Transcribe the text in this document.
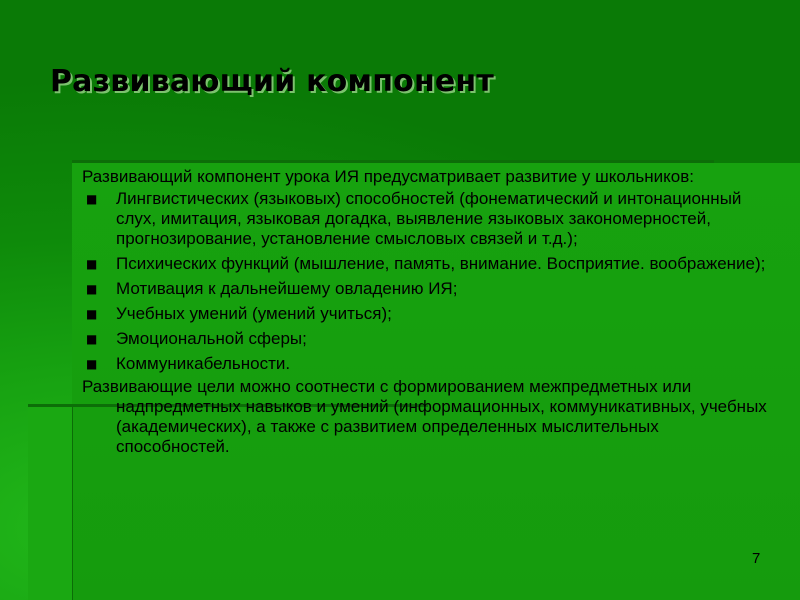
Развивающий компонент

Развивающий компонент урока ИЯ предусматривает развитие у школьников:

■ Лингвистических (языковых) способностей (фонематический и интонационный слух, имитация, языковая догадка, выявление языковых закономерностей, прогнозирование, установление смысловых связей и т.д.);
■ Психических функций (мышление, память, внимание. Восприятие. воображение);
■ Мотивация к дальнейшему овладению ИЯ;
■ Учебных умений (умений учиться);
■ Эмоциональной сферы;
■ Коммуникабельности.

Развивающие цели можно соотнести с формированием межпредметных или надпредметных навыков и умений (информационных, коммуникативных, учебных (академических), а также с развитием определенных мыслительных способностей.

7
